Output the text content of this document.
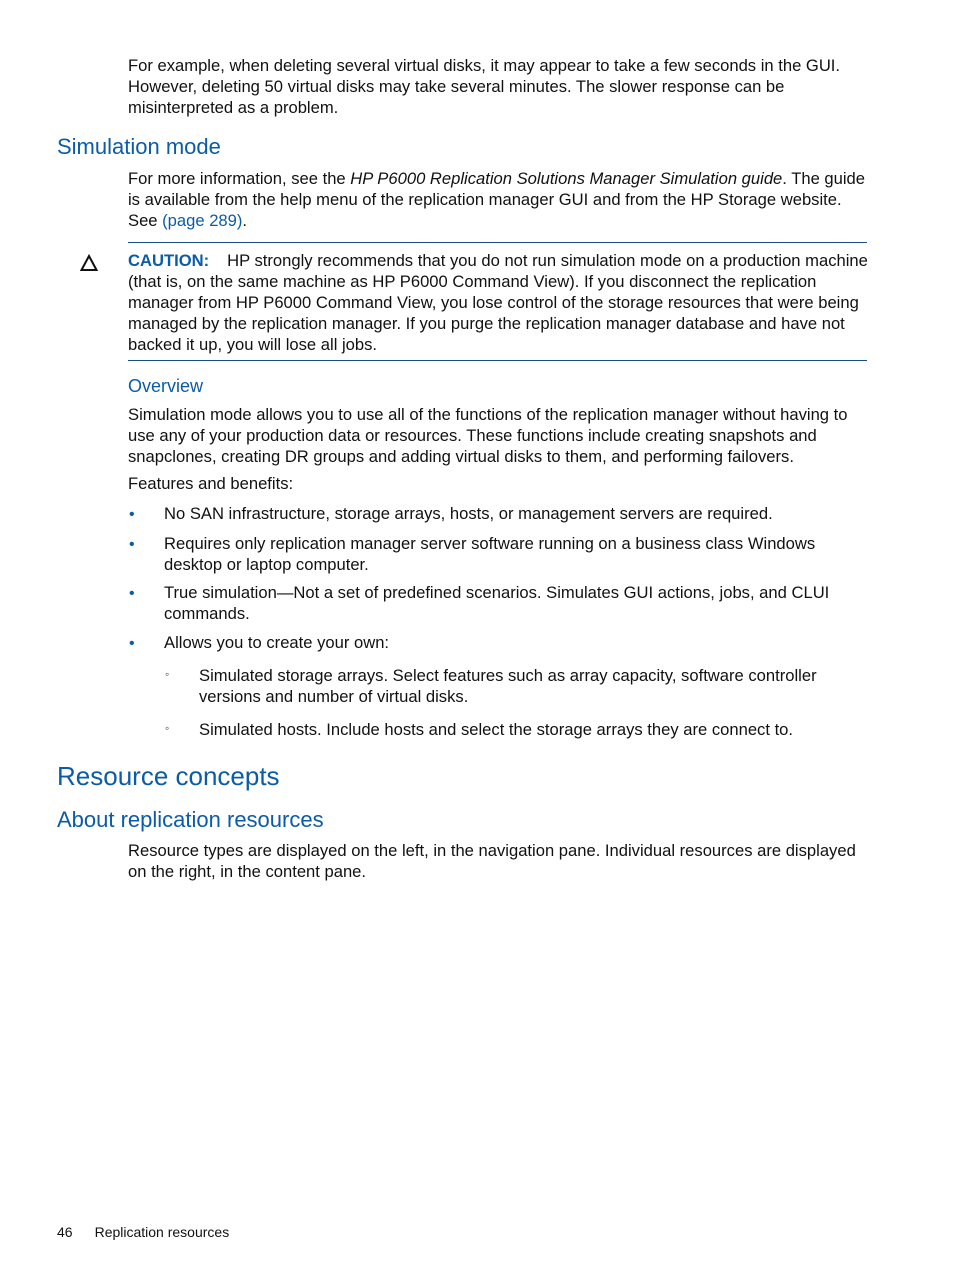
For example, when deleting several virtual disks, it may appear to take a few seconds in the GUI. However, deleting 50 virtual disks may take several minutes. The slower response can be misinterpreted as a problem.

Simulation mode

For more information, see the HP P6000 Replication Solutions Manager Simulation guide. The guide is available from the help menu of the replication manager GUI and from the HP Storage website. See (page 289).

CAUTION: HP strongly recommends that you do not run simulation mode on a production machine (that is, on the same machine as HP P6000 Command View). If you disconnect the replication manager from HP P6000 Command View, you lose control of the storage resources that were being managed by the replication manager. If you purge the replication manager database and have not backed it up, you will lose all jobs.

Overview

Simulation mode allows you to use all of the functions of the replication manager without having to use any of your production data or resources. These functions include creating snapshots and snapclones, creating DR groups and adding virtual disks to them, and performing failovers.

Features and benefits:

• No SAN infrastructure, storage arrays, hosts, or management servers are required.

• Requires only replication manager server software running on a business class Windows desktop or laptop computer.

• True simulation—Not a set of predefined scenarios. Simulates GUI actions, jobs, and CLUI commands.

• Allows you to create your own:

◦ Simulated storage arrays. Select features such as array capacity, software controller versions and number of virtual disks.

◦ Simulated hosts. Include hosts and select the storage arrays they are connect to.

Resource concepts
About replication resources

Resource types are displayed on the left, in the navigation pane. Individual resources are displayed on the right, in the content pane.

46 Replication resources
